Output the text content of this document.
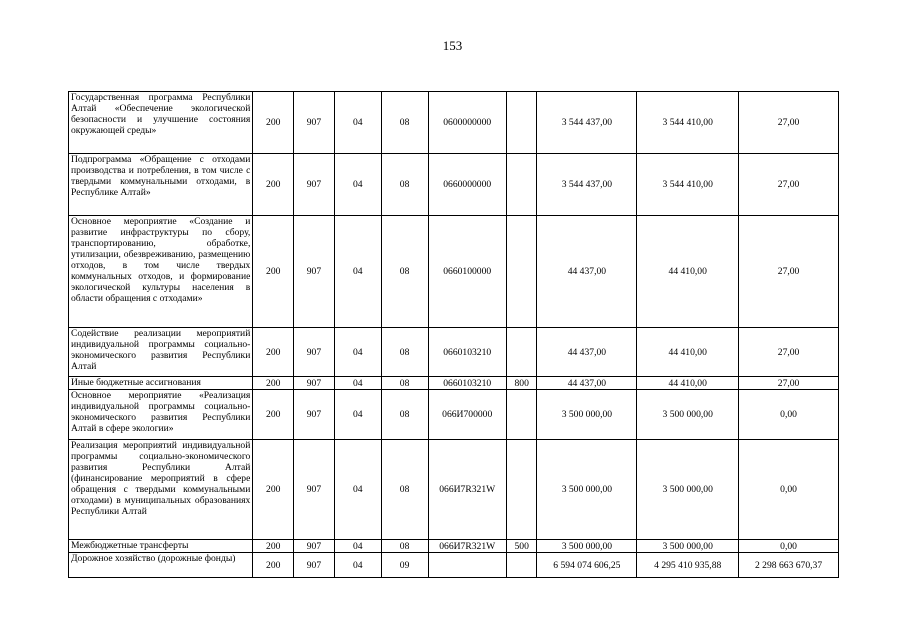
153
Государственная программа Республики Алтай «Обеспечение экологической безопасности и улучшение состояния окружающей среды»	200	907	04	08	0600000000		3 544 437,00	3 544 410,00	27,00

Подпрограмма «Обращение с отходами производства и потребления, в том числе с твердыми коммунальными отходами, в Республике Алтай»	200	907	04	08	0660000000		3 544 437,00	3 544 410,00	27,00

Основное мероприятие «Создание и развитие инфраструктуры по сбору, транспортированию, обработке, утилизации, обезвреживанию, размещению отходов, в том числе твердых коммунальных отходов, и формирование экологической культуры населения в области обращения с отходами»	200	907	04	08	0660100000		44 437,00	44 410,00	27,00

Содействие реализации мероприятий индивидуальной программы социально-экономического развития Республики Алтай	200	907	04	08	0660103210		44 437,00	44 410,00	27,00

Иные бюджетные ассигнования	200	907	04	08	0660103210	800	44 437,00	44 410,00	27,00

Основное мероприятие «Реализация индивидуальной программы социально-экономического развития Республики Алтай в сфере экологии»	200	907	04	08	066И700000		3 500 000,00	3 500 000,00	0,00

Реализация мероприятий индивидуальной программы социально-экономического развития Республики Алтай (финансирование мероприятий в сфере обращения с твердыми коммунальными отходами) в муниципальных образованиях Республики Алтай	200	907	04	08	066И7R321W		3 500 000,00	3 500 000,00	0,00

Межбюджетные трансферты	200	907	04	08	066И7R321W	500	3 500 000,00	3 500 000,00	0,00

Дорожное хозяйство (дорожные фонды)	200	907	04	09			6 594 074 606,25	4 295 410 935,88	2 298 663 670,37
